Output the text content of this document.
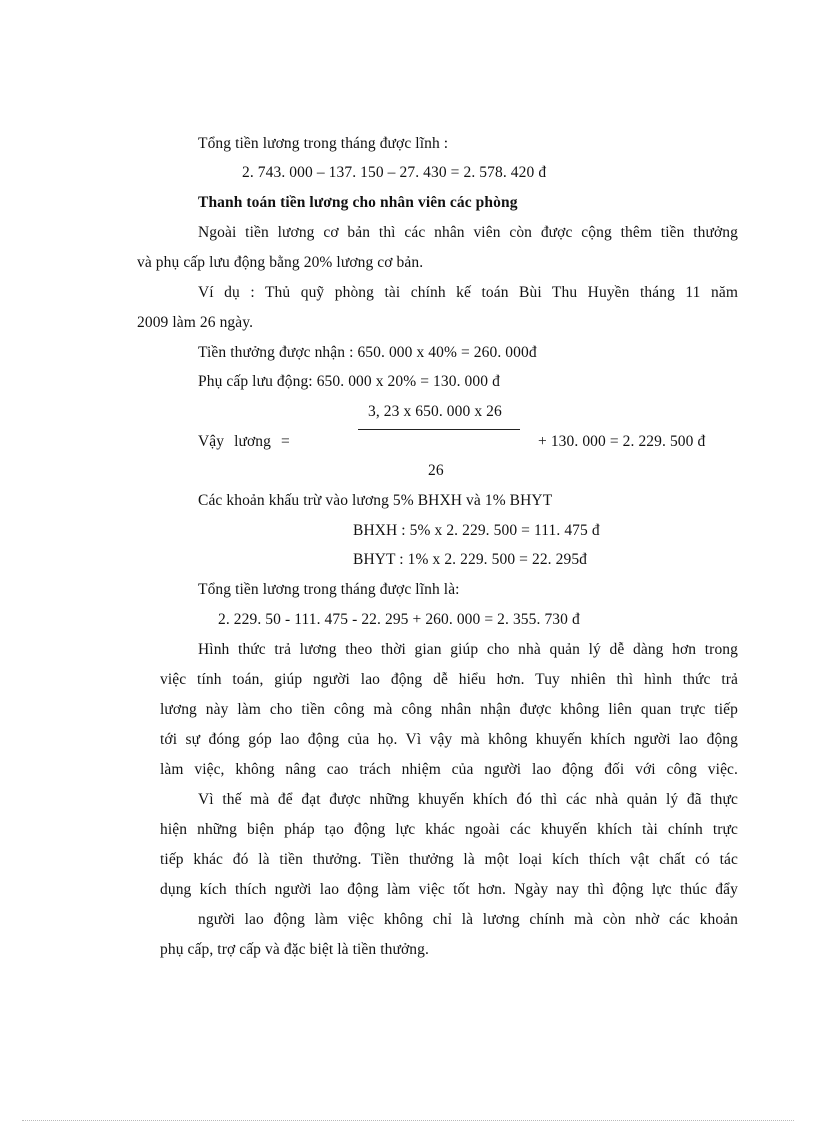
Tổng tiền lương trong tháng được lĩnh :
2. 743. 000 – 137. 150 – 27. 430 = 2. 578. 420 đ
Thanh toán tiền lương cho nhân viên các phòng
Ngoài tiền lương cơ bản thì các nhân viên còn được cộng thêm tiền thưởng
và phụ cấp lưu động bằng 20% lương cơ bản.
Ví dụ : Thủ quỹ phòng tài chính kế toán Bùi Thu Huyền tháng 11 năm
2009 làm 26 ngày.
Tiền thưởng được nhận : 650. 000 x 40% = 260. 000đ
Phụ cấp lưu động: 650. 000 x 20% = 130. 000 đ
3, 23 x 650. 000 x 26
Vậy lương =	+ 130. 000 = 2. 229. 500 đ
26
Các khoản khấu trừ vào lương 5% BHXH và 1% BHYT
BHXH : 5% x 2. 229. 500 = 111. 475 đ
BHYT : 1% x 2. 229. 500 = 22. 295đ
Tổng tiền lương trong tháng được lĩnh là:
2. 229. 50 - 111. 475 - 22. 295 + 260. 000 = 2. 355. 730 đ
Hình thức trả lương theo thời gian giúp cho nhà quản lý dễ dàng hơn trong
việc tính toán, giúp người lao động dễ hiểu hơn. Tuy nhiên thì hình thức trả
lương này làm cho tiền công mà công nhân nhận được không liên quan trực tiếp
tới sự đóng góp lao động của họ. Vì vậy mà không khuyến khích người lao động
làm việc, không nâng cao trách nhiệm của người lao động đối với công việc.
Vì thế mà để đạt được những khuyến khích đó thì các nhà quản lý đã thực
hiện những biện pháp tạo động lực khác ngoài các khuyến khích tài chính trực
tiếp khác đó là tiền thưởng. Tiền thưởng là một loại kích thích vật chất có tác
dụng kích thích người lao động làm việc tốt hơn. Ngày nay thì động lực thúc đẩy
người lao động làm việc không chỉ là lương chính mà còn nhờ các khoản
phụ cấp, trợ cấp và đặc biệt là tiền thưởng.
